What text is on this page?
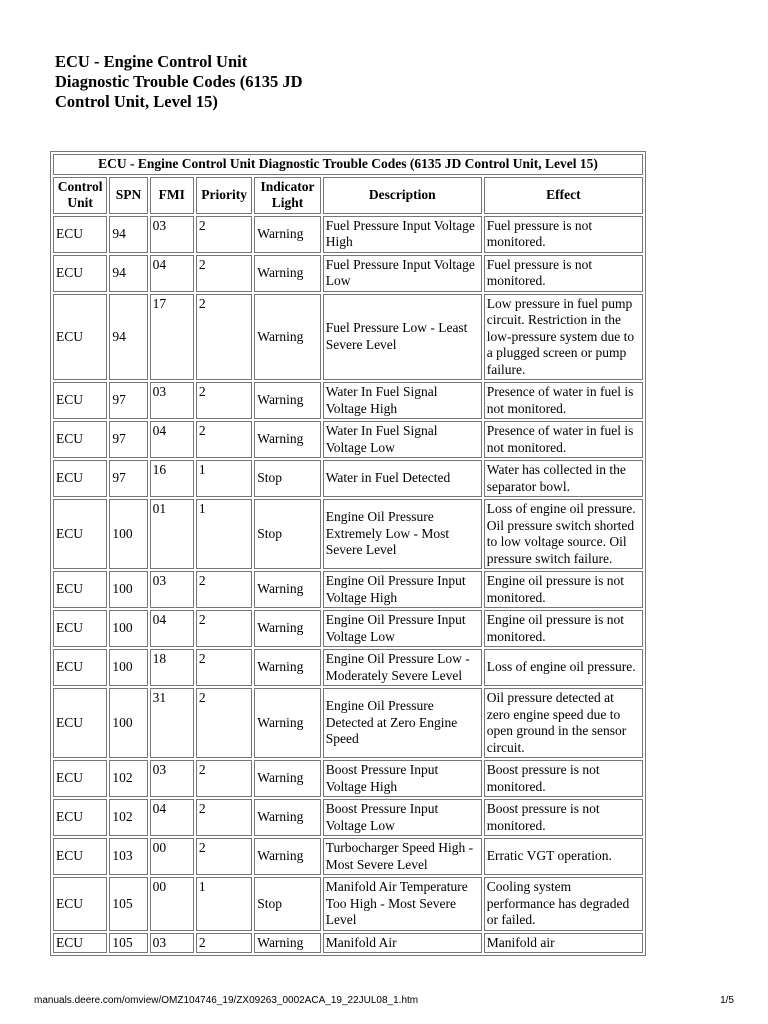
ECU - Engine Control Unit
Diagnostic Trouble Codes (6135 JD
Control Unit, Level 15)
ECU - Engine Control Unit Diagnostic Trouble Codes (6135 JD Control Unit, Level 15)						
Control Unit	SPN	FMI	Priority	Indicator Light	Description	Effect
ECU	94	03	2	Warning	Fuel Pressure Input Voltage High	Fuel pressure is not monitored.
ECU	94	04	2	Warning	Fuel Pressure Input Voltage Low	Fuel pressure is not monitored.
ECU	94	17	2	Warning	Fuel Pressure Low - Least Severe Level	Low pressure in fuel pump circuit. Restriction in the low-pressure system due to a plugged screen or pump failure.
ECU	97	03	2	Warning	Water In Fuel Signal Voltage High	Presence of water in fuel is not monitored.
ECU	97	04	2	Warning	Water In Fuel Signal Voltage Low	Presence of water in fuel is not monitored.
ECU	97	16	1	Stop	Water in Fuel Detected	Water has collected in the separator bowl.
ECU	100	01	1	Stop	Engine Oil Pressure Extremely Low - Most Severe Level	Loss of engine oil pressure. Oil pressure switch shorted to low voltage source. Oil pressure switch failure.
ECU	100	03	2	Warning	Engine Oil Pressure Input Voltage High	Engine oil pressure is not monitored.
ECU	100	04	2	Warning	Engine Oil Pressure Input Voltage Low	Engine oil pressure is not monitored.
ECU	100	18	2	Warning	Engine Oil Pressure Low - Moderately Severe Level	Loss of engine oil pressure.
ECU	100	31	2	Warning	Engine Oil Pressure Detected at Zero Engine Speed	Oil pressure detected at zero engine speed due to open ground in the sensor circuit.
ECU	102	03	2	Warning	Boost Pressure Input Voltage High	Boost pressure is not monitored.
ECU	102	04	2	Warning	Boost Pressure Input Voltage Low	Boost pressure is not monitored.
ECU	103	00	2	Warning	Turbocharger Speed High - Most Severe Level	Erratic VGT operation.
ECU	105	00	1	Stop	Manifold Air Temperature Too High - Most Severe Level	Cooling system performance has degraded or failed.
ECU	105	03	2	Warning	Manifold Air	Manifold air
manuals.deere.com/omview/OMZ104746_19/ZX09263_0002ACA_19_22JUL08_1.htm	1/5
